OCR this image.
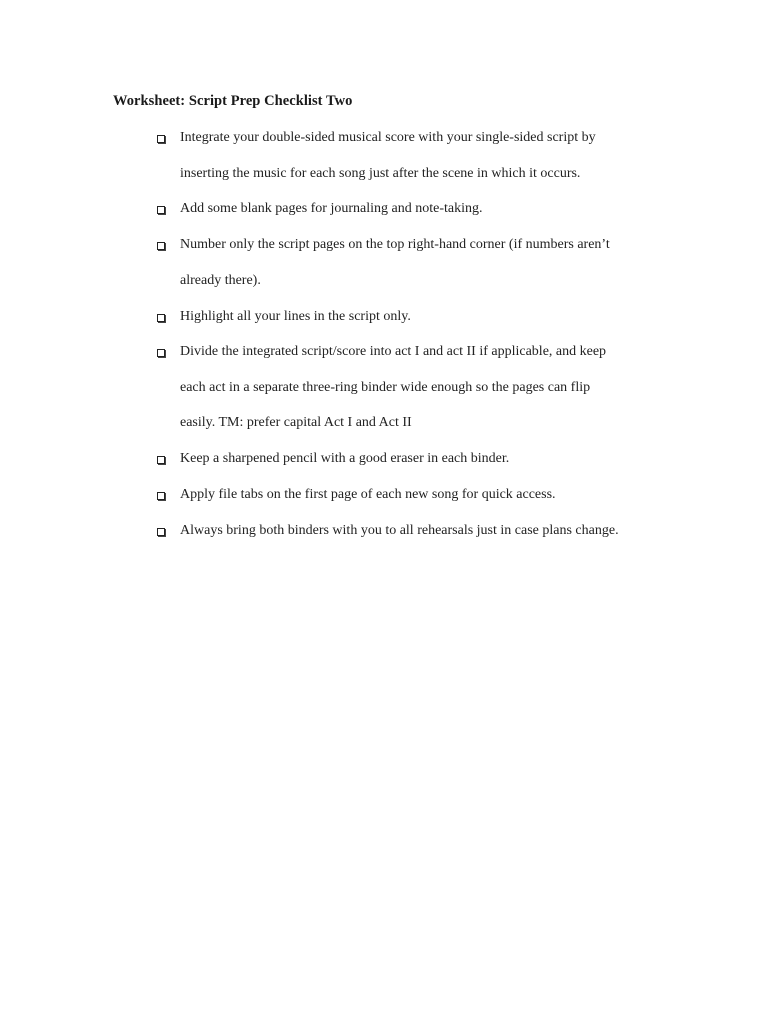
Worksheet: Script Prep Checklist Two
Integrate your double-sided musical score with your single-sided script by
inserting the music for each song just after the scene in which it occurs.
Add some blank pages for journaling and note-taking.
Number only the script pages on the top right-hand corner (if numbers aren’t
already there).
Highlight all your lines in the script only.
Divide the integrated script/score into act I and act II if applicable, and keep
each act in a separate three-ring binder wide enough so the pages can flip
easily. TM: prefer capital Act I and Act II
Keep a sharpened pencil with a good eraser in each binder.
Apply file tabs on the first page of each new song for quick access.
Always bring both binders with you to all rehearsals just in case plans change.
